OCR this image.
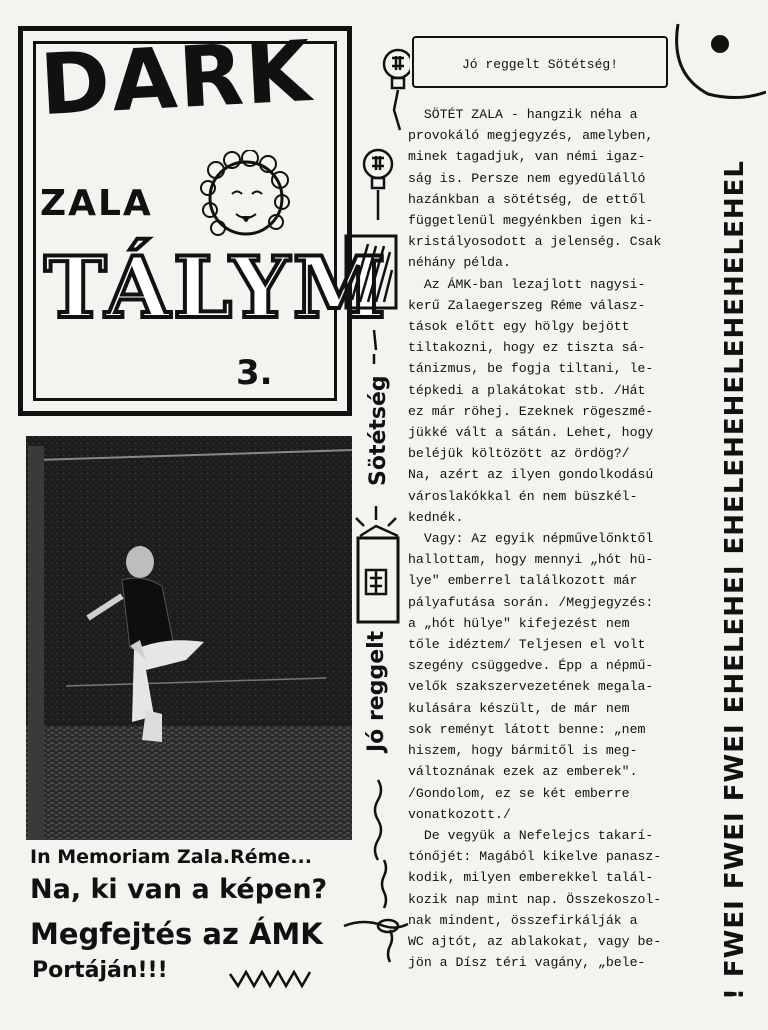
DARK
ZALA
TÁLYM
3.
In Memoriam Zala.Réme...
Na, ki van a képen?
Megfejtés az ÁMK
Portáján!!!
Sötétség
Jó reggelt
Jó reggelt Sötétség!

SÖTÉT ZALA - hangzik néha a

provokáló megjegyzés, amelyben,

minek tagadjuk, van némi igaz-

ság is. Persze nem egyedülálló

hazánkban a sötétség, de ettől

függetlenül megyénkben igen ki-

kristályosodott a jelenség. Csak

néhány példa.

Az ÁMK-ban lezajlott nagysi-

kerű Zalaegerszeg Réme válasz-

tások előtt egy hölgy bejött

tiltakozni, hogy ez tiszta sá-

tánizmus, be fogja tiltani, le-

tépkedi a plakátokat stb. /Hát

ez már röhej. Ezeknek rögeszmé-

jükké vált a sátán. Lehet, hogy

beléjük költözött az ördög?/

Na, azért az ilyen gondolkodású

városlakókkal én nem büszkél-

kednék.

Vagy: Az egyik népművelőnktől

hallottam, hogy mennyi „hót hü-

lye" emberrel találkozott már

pályafutása során. /Megjegyzés:

a „hót hülye" kifejezést nem

tőle idéztem/ Teljesen el volt

szegény csüggedve. Épp a népmű-

velők szakszervezetének megala-

kulására készült, de már nem

sok reményt látott benne: „nem

hiszem, hogy bármitől is meg-

változnának ezek az emberek".

/Gondolom, ez se két emberre

vonatkozott./

De vegyük a Nefelejcs takarí-

tónőjét: Magából kikelve panasz-

kodik, milyen emberekkel talál-

kozik nap mint nap. Összekoszol-

nak mindent, összefirkálják a

WC ajtót, az ablakokat, vagy be-

jön a Dísz téri vagány, „bele-	! FWEI FWEI FWEI EHELEHEI EHELEHEHELEHEHELEHEL
